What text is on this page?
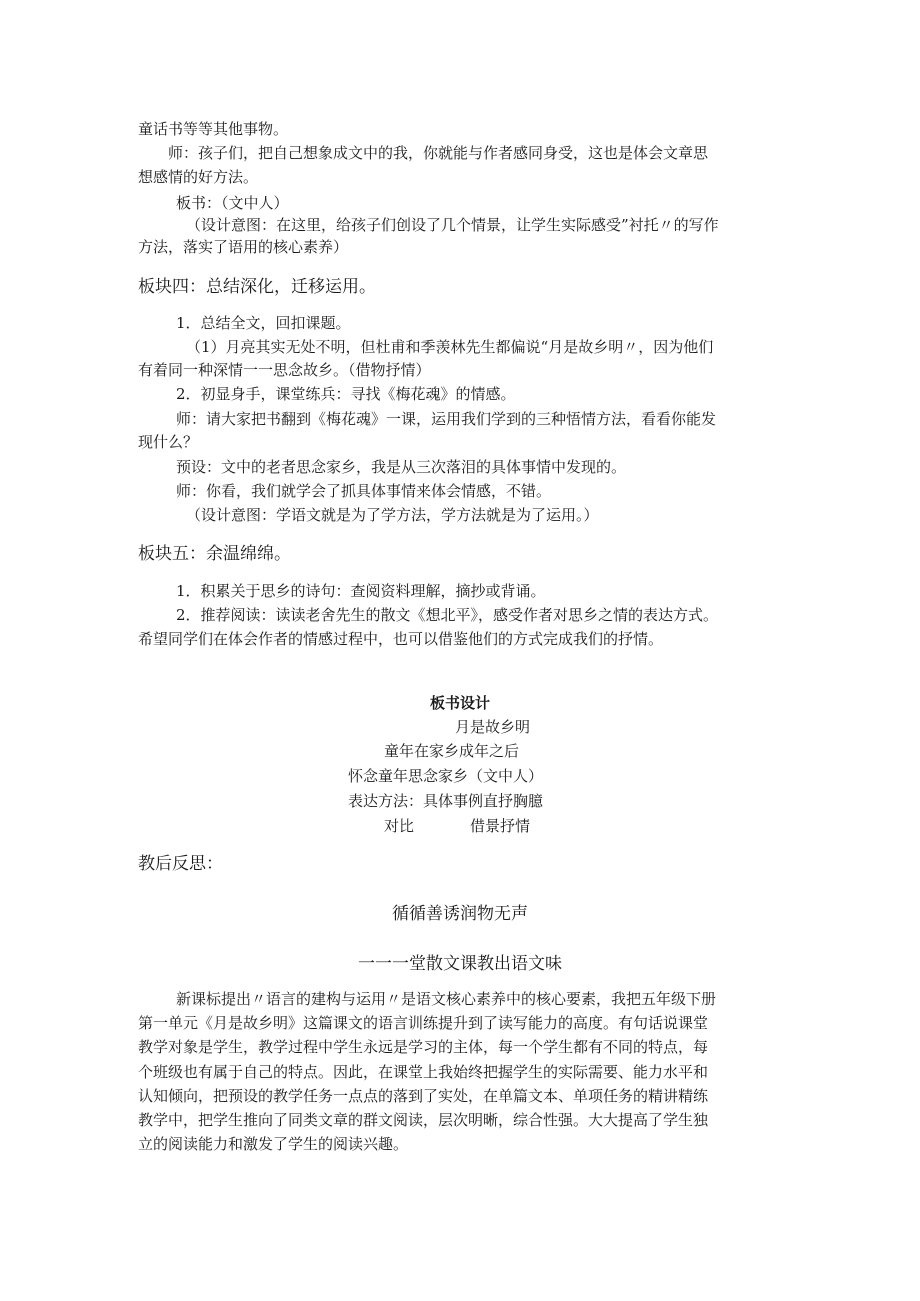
童话书等等其他事物。
师：孩子们，把自己想象成文中的我，你就能与作者感同身受，这也是体会文章思
想感情的好方法。
板书：（文中人）
（设计意图：在这里，给孩子们创设了几个情景，让学生实际感受”衬托〃的写作
方法，落实了语用的核心素养）
板块四：总结深化，迁移运用。
1．总结全文，回扣课题。
（1）月亮其实无处不明，但杜甫和季羡林先生都偏说“月是故乡明〃，因为他们
有着同一种深情一一思念故乡。（借物抒情）
2．初显身手，课堂练兵：寻找《梅花魂》的情感。
师：请大家把书翻到《梅花魂》一课，运用我们学到的三种悟情方法，看看你能发
现什么？
预设：文中的老者思念家乡，我是从三次落泪的具体事情中发现的。
师：你看，我们就学会了抓具体事情来体会情感，不错。
（设计意图：学语文就是为了学方法，学方法就是为了运用。）
板块五：余温绵绵。
1．积累关于思乡的诗句：查阅资料理解，摘抄或背诵。
2．推荐阅读：读读老舍先生的散文《想北平》，感受作者对思乡之情的表达方式。
希望同学们在体会作者的情感过程中，也可以借鉴他们的方式完成我们的抒情。
板书设计
月是故乡明
童年在家乡成年之后
怀念童年思念家乡（文中人）
表达方法：具体事例直抒胸臆
对比	借景抒情
教后反思：
循循善诱润物无声
一一一堂散文课教出语文味
新课标提出〃语言的建构与运用〃是语文核心素养中的核心要素，我把五年级下册
第一单元《月是故乡明》这篇课文的语言训练提升到了读写能力的高度。有句话说课堂
教学对象是学生，教学过程中学生永远是学习的主体，每一个学生都有不同的特点，每
个班级也有属于自己的特点。因此，在课堂上我始终把握学生的实际需要、能力水平和
认知倾向，把预设的教学任务一点点的落到了实处，在单篇文本、单项任务的精讲精练
教学中，把学生推向了同类文章的群文阅读，层次明晰，综合性强。大大提高了学生独
立的阅读能力和激发了学生的阅读兴趣。
